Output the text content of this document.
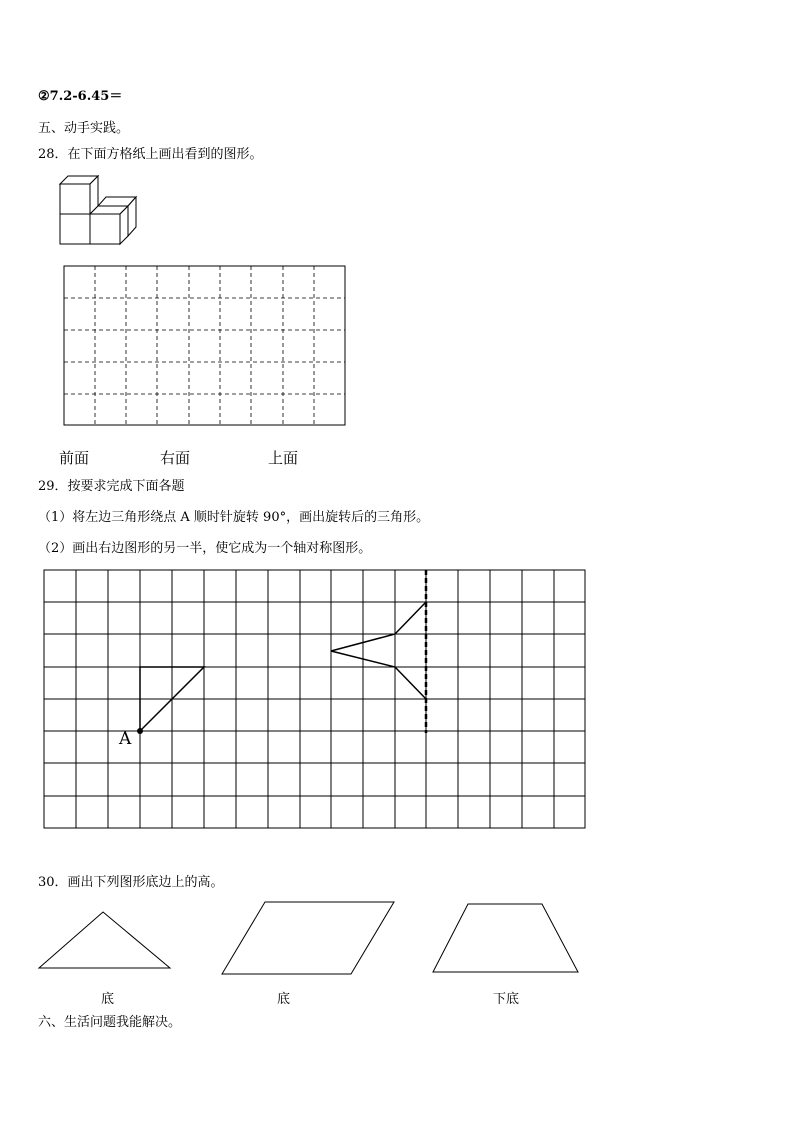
②7.2-6.45＝
五、动手实践。
28．在下面方格纸上画出看到的图形。
前面	右面	上面
29．按要求完成下面各题
（1）将左边三角形绕点 A 顺时针旋转 90°，画出旋转后的三角形。
（2）画出右边图形的另一半，使它成为一个轴对称图形。
A
30．画出下列图形底边上的高。
底	底	下底
六、生活问题我能解决。
